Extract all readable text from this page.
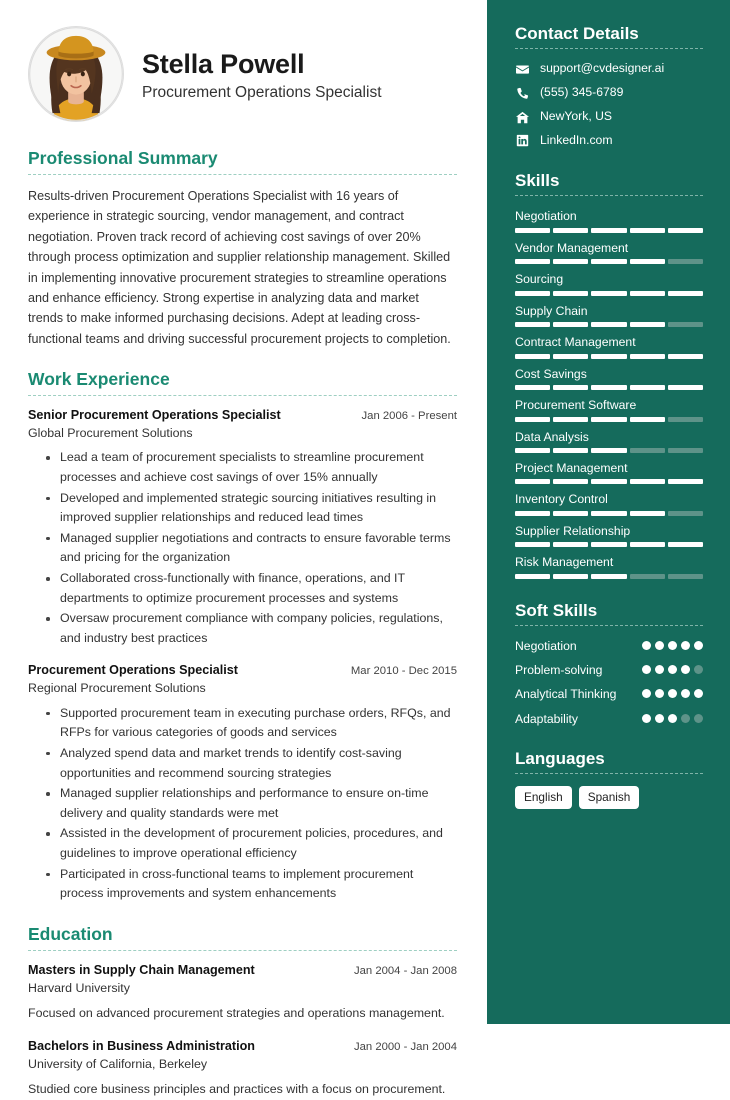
Stella Powell
Procurement Operations Specialist
Professional Summary
Results-driven Procurement Operations Specialist with 16 years of experience in strategic sourcing, vendor management, and contract negotiation. Proven track record of achieving cost savings of over 20% through process optimization and supplier relationship management. Skilled in implementing innovative procurement strategies to streamline operations and enhance efficiency. Strong expertise in analyzing data and market trends to make informed purchasing decisions. Adept at leading cross-functional teams and driving successful procurement projects to completion.
Work Experience
Senior Procurement Operations Specialist	Jan 2006 - Present
Global Procurement Solutions
Lead a team of procurement specialists to streamline procurement processes and achieve cost savings of over 15% annually
Developed and implemented strategic sourcing initiatives resulting in improved supplier relationships and reduced lead times
Managed supplier negotiations and contracts to ensure favorable terms and pricing for the organization
Collaborated cross-functionally with finance, operations, and IT departments to optimize procurement processes and systems
Oversaw procurement compliance with company policies, regulations, and industry best practices
Procurement Operations Specialist	Mar 2010 - Dec 2015
Regional Procurement Solutions
Supported procurement team in executing purchase orders, RFQs, and RFPs for various categories of goods and services
Analyzed spend data and market trends to identify cost-saving opportunities and recommend sourcing strategies
Managed supplier relationships and performance to ensure on-time delivery and quality standards were met
Assisted in the development of procurement policies, procedures, and guidelines to improve operational efficiency
Participated in cross-functional teams to implement procurement process improvements and system enhancements
Education
Masters in Supply Chain Management	Jan 2004 - Jan 2008
Harvard University
Focused on advanced procurement strategies and operations management.
Bachelors in Business Administration	Jan 2000 - Jan 2004
University of California, Berkeley
Studied core business principles and practices with a focus on procurement.
Contact Details
support@cvdesigner.ai
(555) 345-6789
NewYork, US
LinkedIn.com
Skills
Negotiation
Vendor Management
Sourcing
Supply Chain
Contract Management
Cost Savings
Procurement Software
Data Analysis
Project Management
Inventory Control
Supplier Relationship
Risk Management
Soft Skills
Negotiation
Problem-solving
Analytical Thinking
Adaptability
Languages
English	Spanish
